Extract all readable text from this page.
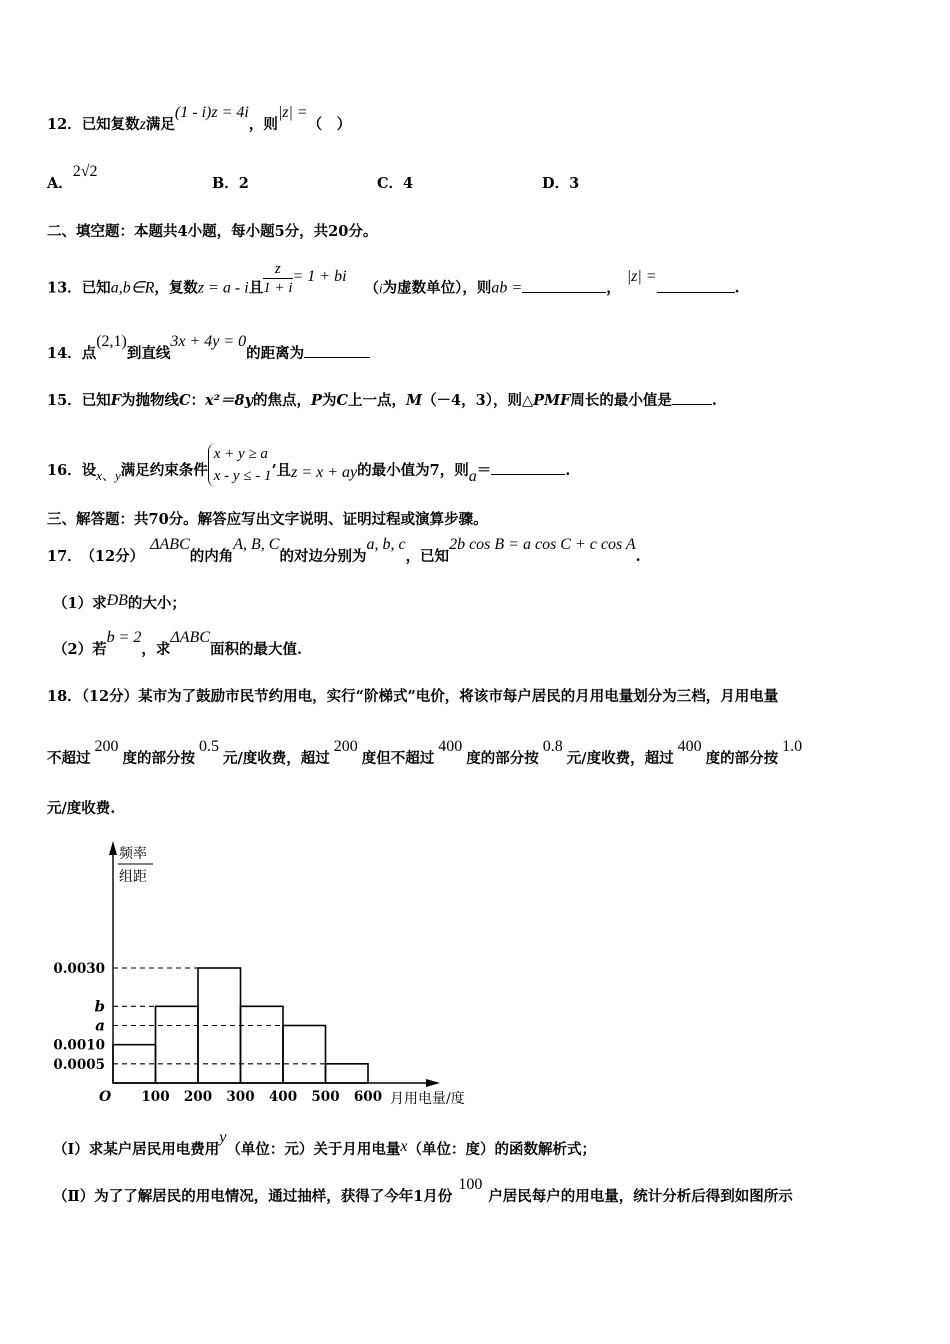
12．已知复数z满足(1 - i)z = 4i，则|z| =（　）
A．2√2
B．2	C．4	D．3
二、填空题：本题共4小题，每小题5分，共20分。
13．已知a,b∈R，复数z = a - i且 $\frac{z}{1 + i} = 1 + bi(i$为虚数单位），则ab =	，|z| =.
14．点(2,1)到直线3x + 4y = 0的距离为
15．已知F为抛物线C：x²＝8y的焦点，P为C上一点，M（－4，3），则△PMF周长的最小值是	.
16．设x、y满足约束条件
x + y ≥ a
x - y ≤ - 1 ’且z = x + ay的最小值为7，则a＝	.
三、解答题：共70分。解答应写出文字说明、证明过程或演算步骤。
17． （12分）ΔABC的内角A, B, C的对边分别为a, b, c，已知2b cos B = a cos C + c cos A.
（1）求ÐB的大小；
（2）若b = 2，求ΔABC面积的最大值.
18．（12分）某市为了鼓励市民节约用电，实行“阶梯式”电价，将该市每户居民的月用电量划分为三档，月用电量
不超过200度的部分按0.5元/度收费，超过200度但不超过400度的部分按0.8元/度收费，超过400度的部分按1.0
元/度收费.
频率
组距
0.0030
b
a
0.0010
0.0005
O 100 200 300 400 500 600 月用电量/度
（I）求某户居民用电费用y（单位：元）关于月用电量x（单位：度）的函数解析式；
（Ⅱ）为了了解居民的用电情况，通过抽样，获得了今年1月份100户居民每户的用电量，统计分析后得到如图所示
